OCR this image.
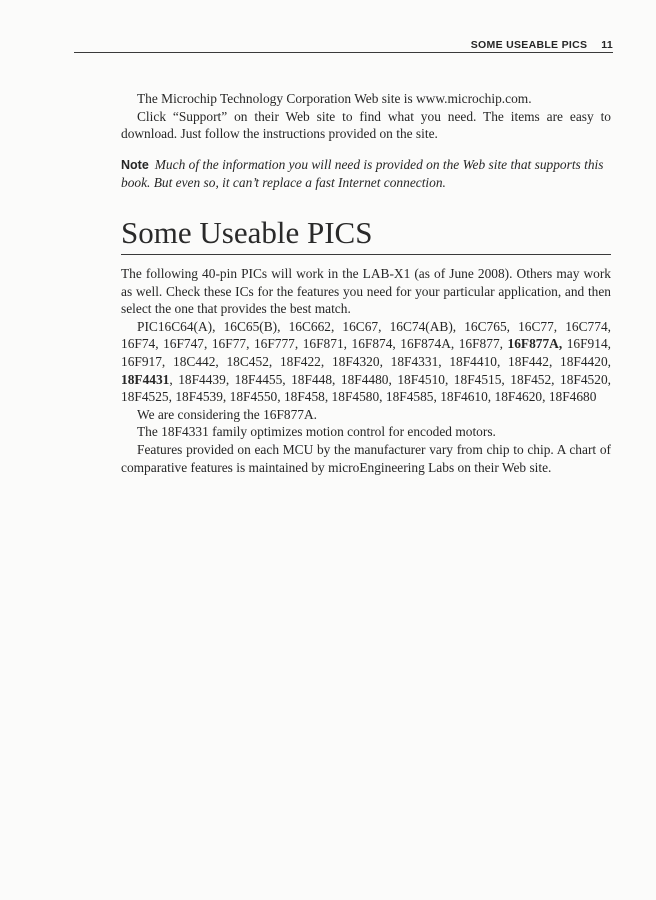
SOME USEABLE PICS 11

The Microchip Technology Corporation Web site is www.microchip.com.

Click “Support” on their Web site to find what you need. The items are easy to download. Just follow the instructions provided on the site.

Note Much of the information you will need is provided on the Web site that supports this book. But even so, it can’t replace a fast Internet connection.
Some Useable PICS

The following 40-pin PICs will work in the LAB-X1 (as of June 2008). Others may work as well. Check these ICs for the features you need for your particular application, and then select the one that provides the best match.

PIC16C64(A), 16C65(B), 16C662, 16C67, 16C74(AB), 16C765, 16C77, 16C774, 16F74, 16F747, 16F77, 16F777, 16F871, 16F874, 16F874A, 16F877, 16F877A, 16F914, 16F917, 18C442, 18C452, 18F422, 18F4320, 18F4331, 18F4410, 18F442, 18F4420, 18F4431, 18F4439, 18F4455, 18F448, 18F4480, 18F4510, 18F4515, 18F452, 18F4520, 18F4525, 18F4539, 18F4550, 18F458, 18F4580, 18F4585, 18F4610, 18F4620, 18F4680

We are considering the 16F877A.

The 18F4331 family optimizes motion control for encoded motors.

Features provided on each MCU by the manufacturer vary from chip to chip. A chart of comparative features is maintained by microEngineering Labs on their Web site.
